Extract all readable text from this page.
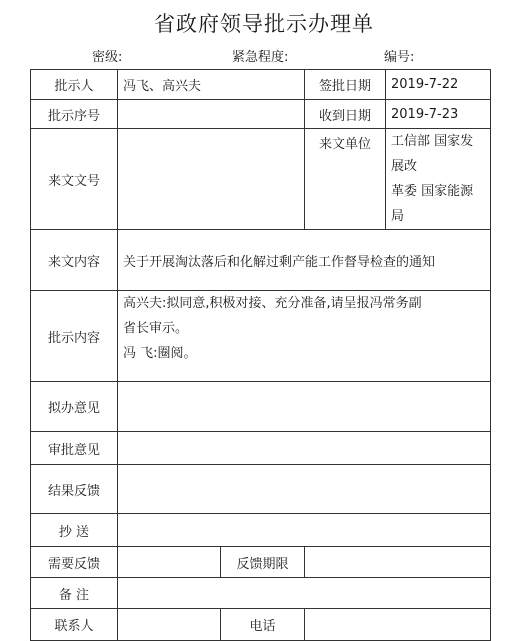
省政府领导批示办理单
密级:	紧急程度:	编号:
批示人	冯飞、高兴夫		签批日期	2019-7-22
批示序号			收到日期	2019-7-23
来文文号			来文单位	工信部 国家发展改
革委 国家能源局

来文内容	关于开展淘汰落后和化解过剩产能工作督导检查的通知			
批示内容	高兴夫:拟同意,积极对接、充分准备,请呈报冯常务副
省长审示。
冯 飞:圈阅。			

拟办意见				
审批意见				
结果反馈				
抄 送				
需要反馈		反馈期限		
备 注				
联系人		电话		
